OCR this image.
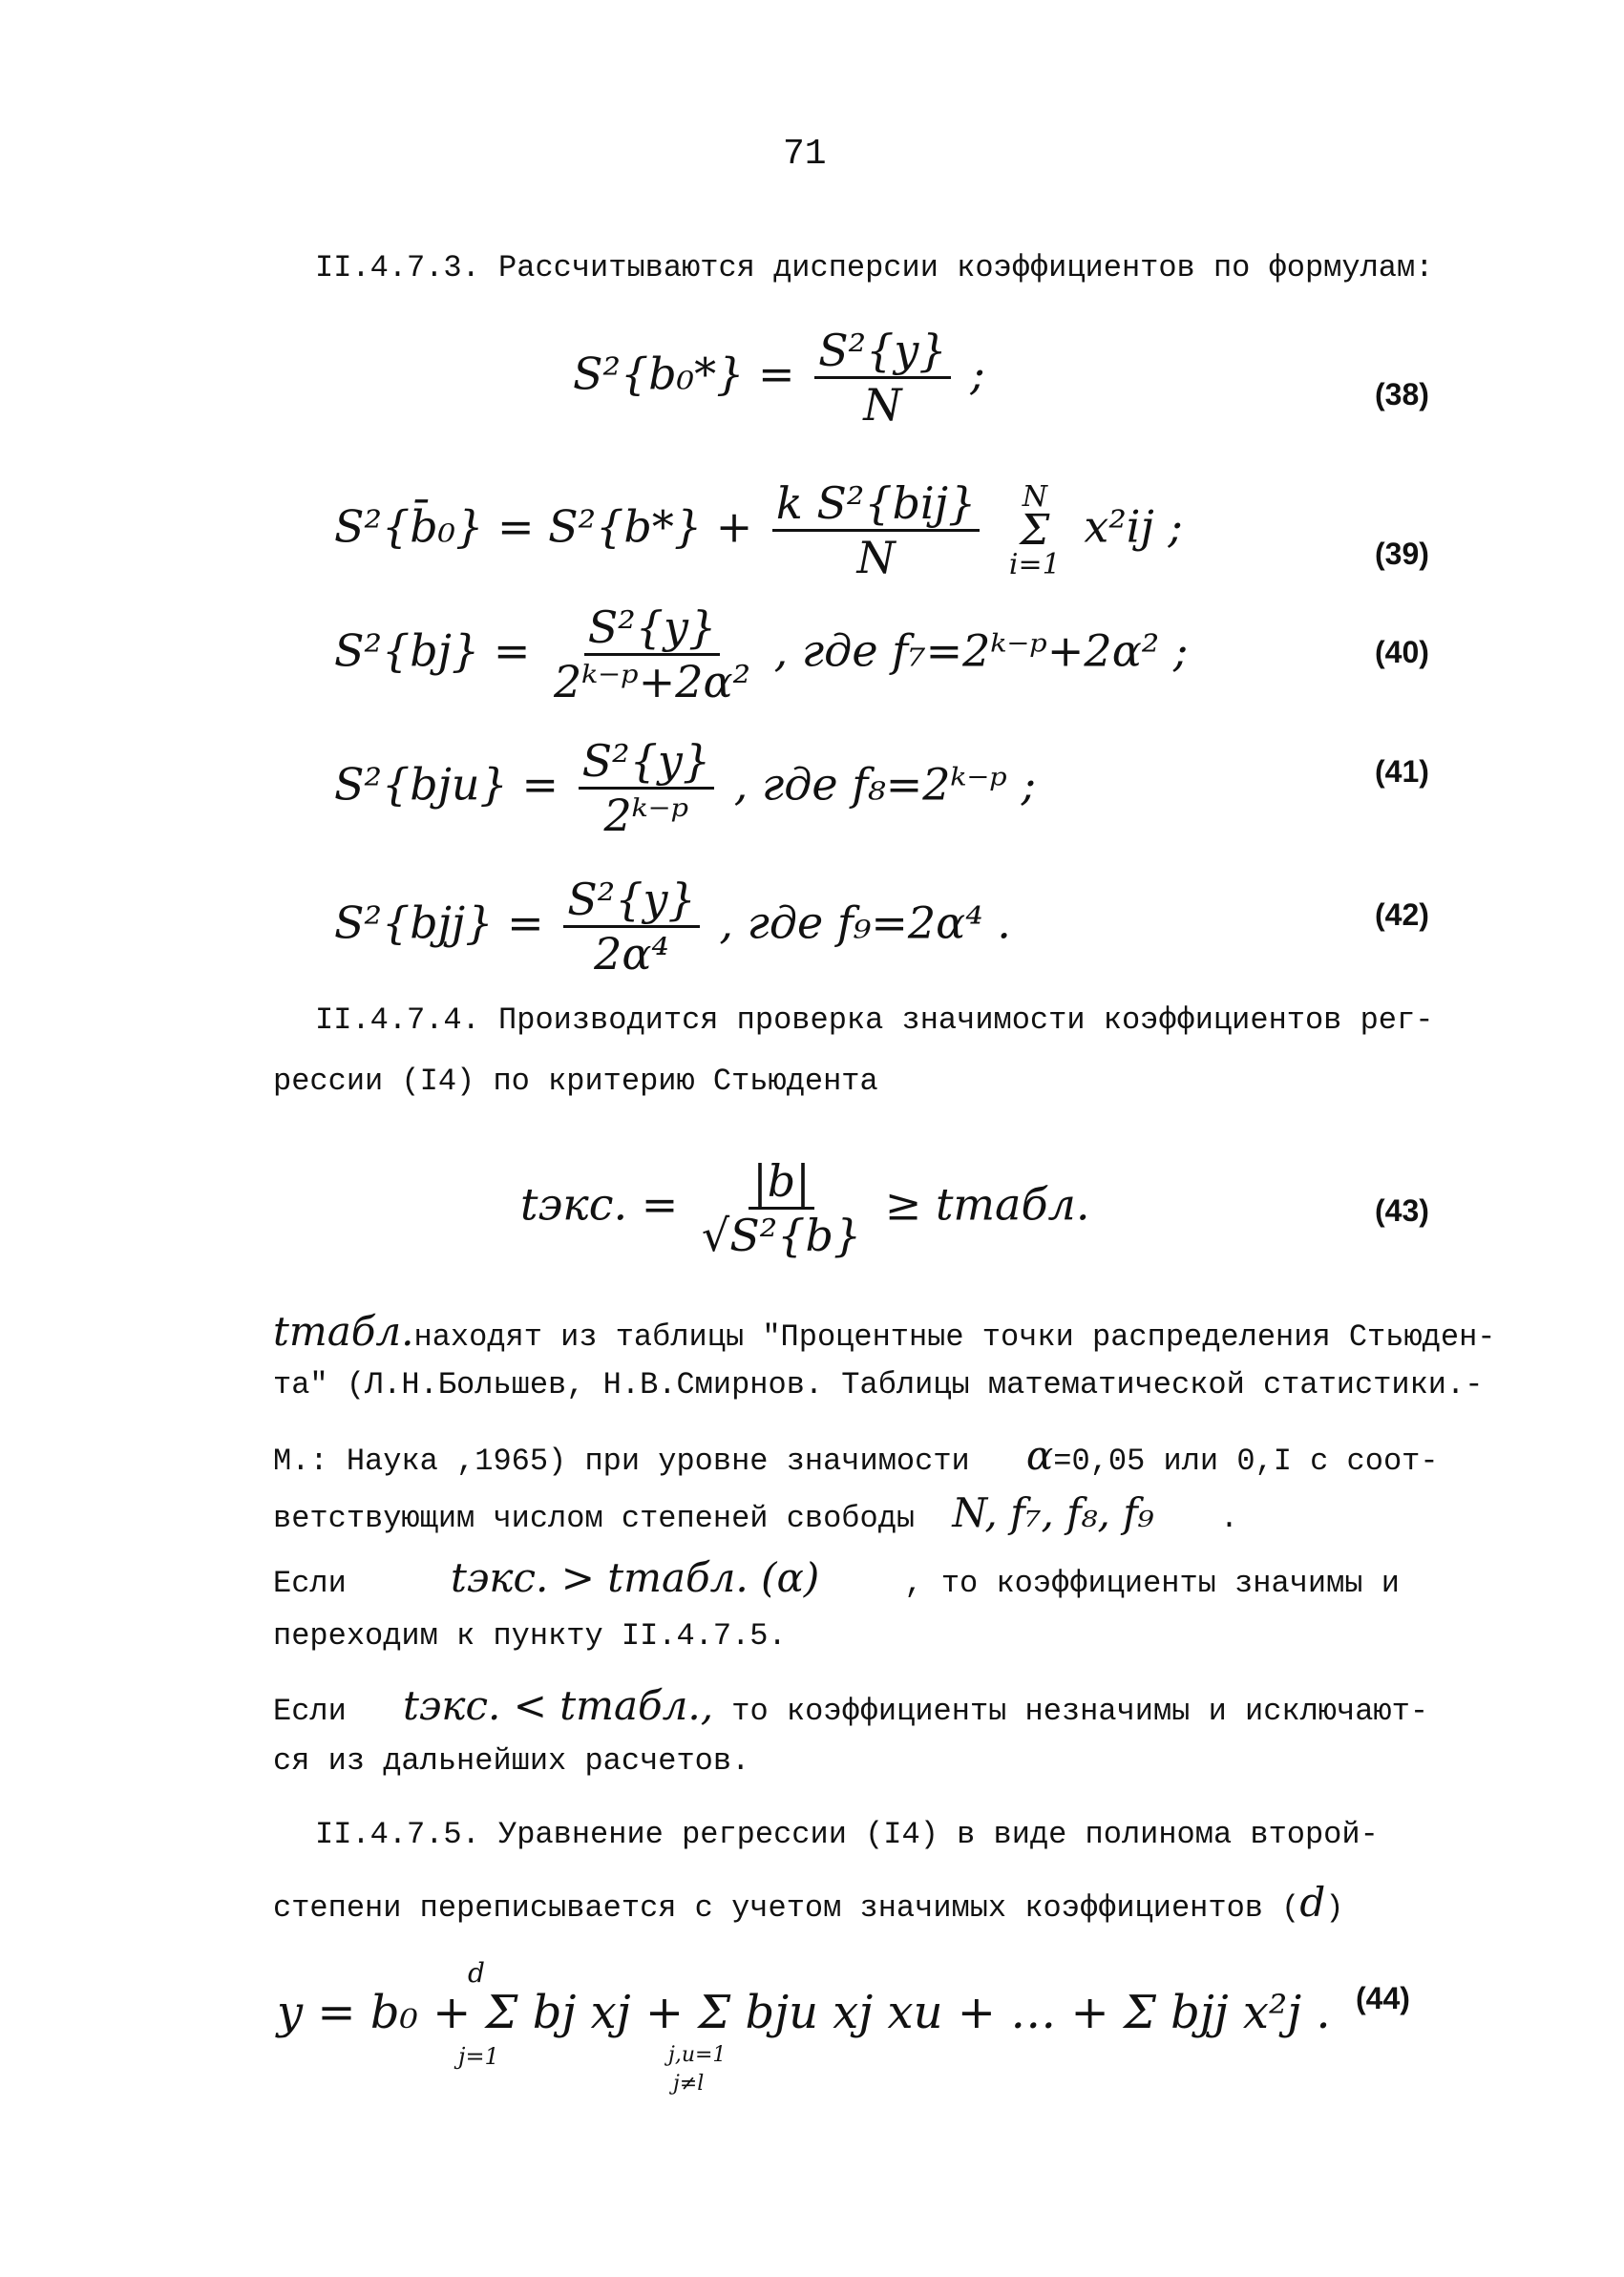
71
II.4.7.3. Рассчитываются дисперсии коэффициентов по формулам:
$S^2\{b_0*\} = \frac{\text{S²\{y\}}}{N}$ ;	(38)
S²{b̄₀} = $S^2\{b*\} + \frac{\text{k S²\{bij\}}}{N}$
N
Σ
i=1
x²ij ;
(39)
$S^2\{bj\} = \frac{\text{S²\{y\}}}{\text{2ᵏ⁻ᵖ+2α²}}$ , где f₇=2ᵏ⁻ᵖ+2α² ;	(40)
$S^2\{bju\} = \frac{\text{S²\{y\}}}{\text{2ᵏ⁻ᵖ}}$ , где f₈=2ᵏ⁻ᵖ ;	(41)
$S^2\{bjj\} = \frac{\text{S²\{y\}}}{\text{2α⁴}}$ , где f₉=2α⁴ .	(42)
II.4.7.4. Производится проверка значимости коэффициентов рег-
рессии (I4) по критерию Стьюдента
tэкс. = $\frac{|b|}{\text{√S²\{b\}}}$ ≥ tтабл.	(43)
tтабл.находят из таблицы "Процентные точки распределения Стьюден-
та" (Л.Н.Большев, Н.В.Смирнов. Таблицы математической статистики.-
М.: Наука ,1965) при уровне значимости α=0,05 или 0,I с соот-
ветствующим числом степеней свободы N, f₇, f₈, f₉ .
Если	tэкс. > tтабл. (α)	, то коэффициенты значимы и
переходим к пункту II.4.7.5.
Если tэкс. < tтабл., то коэффициенты незначимы и исключают-
ся из дальнейших расчетов.
II.4.7.5. Уравнение регрессии (I4) в виде полинома второй-
степени переписывается с учетом значимых коэффициентов (d)
y = b₀ + Σ bj xj + Σ bju xj xu + … + Σ bjj x²j .
d
j=1	j,u=1
j≠l
(44)
